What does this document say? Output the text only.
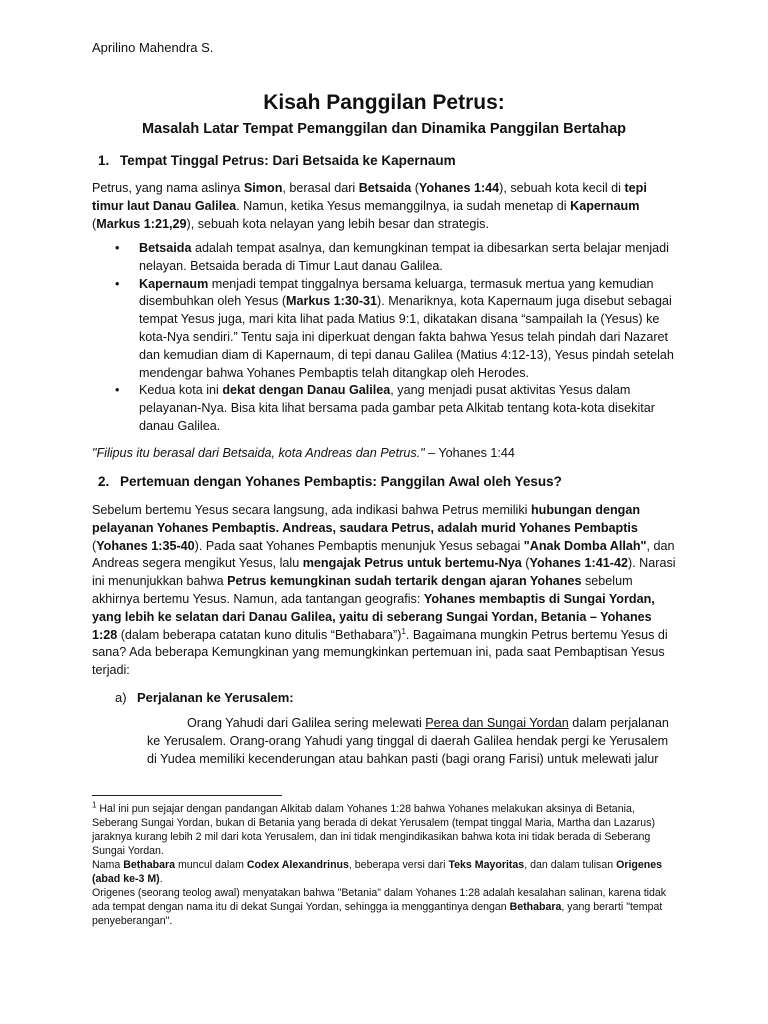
Aprilino Mahendra S.
Kisah Panggilan Petrus:
Masalah Latar Tempat Pemanggilan dan Dinamika Panggilan Bertahap
1. Tempat Tinggal Petrus: Dari Betsaida ke Kapernaum
Petrus, yang nama aslinya Simon, berasal dari Betsaida (Yohanes 1:44), sebuah kota kecil di tepi timur laut Danau Galilea. Namun, ketika Yesus memanggilnya, ia sudah menetap di Kapernaum (Markus 1:21,29), sebuah kota nelayan yang lebih besar dan strategis.
• Betsaida adalah tempat asalnya, dan kemungkinan tempat ia dibesarkan serta belajar menjadi nelayan. Betsaida berada di Timur Laut danau Galilea.
• Kapernaum menjadi tempat tinggalnya bersama keluarga, termasuk mertua yang kemudian disembuhkan oleh Yesus (Markus 1:30-31). Menariknya, kota Kapernaum juga disebut sebagai tempat Yesus juga, mari kita lihat pada Matius 9:1, dikatakan disana “sampailah Ia (Yesus) ke kota-Nya sendiri.” Tentu saja ini diperkuat dengan fakta bahwa Yesus telah pindah dari Nazaret dan kemudian diam di Kapernaum, di tepi danau Galilea (Matius 4:12-13), Yesus pindah setelah mendengar bahwa Yohanes Pembaptis telah ditangkap oleh Herodes.
• Kedua kota ini dekat dengan Danau Galilea, yang menjadi pusat aktivitas Yesus dalam pelayanan-Nya. Bisa kita lihat bersama pada gambar peta Alkitab tentang kota-kota disekitar danau Galilea.
"Filipus itu berasal dari Betsaida, kota Andreas dan Petrus." – Yohanes 1:44
2. Pertemuan dengan Yohanes Pembaptis: Panggilan Awal oleh Yesus?
Sebelum bertemu Yesus secara langsung, ada indikasi bahwa Petrus memiliki hubungan dengan pelayanan Yohanes Pembaptis. Andreas, saudara Petrus, adalah murid Yohanes Pembaptis (Yohanes 1:35-40). Pada saat Yohanes Pembaptis menunjuk Yesus sebagai "Anak Domba Allah", dan Andreas segera mengikut Yesus, lalu mengajak Petrus untuk bertemu-Nya (Yohanes 1:41-42). Narasi ini menunjukkan bahwa Petrus kemungkinan sudah tertarik dengan ajaran Yohanes sebelum akhirnya bertemu Yesus. Namun, ada tantangan geografis: Yohanes membaptis di Sungai Yordan, yang lebih ke selatan dari Danau Galilea, yaitu di seberang Sungai Yordan, Betania – Yohanes 1:28 (dalam beberapa catatan kuno ditulis “Bethabara”)$^1$. Bagaimana mungkin Petrus bertemu Yesus di sana? Ada beberapa Kemungkinan yang memungkinkan pertemuan ini, pada saat Pembaptisan Yesus terjadi:
a) Perjalanan ke Yerusalem:
Orang Yahudi dari Galilea sering melewati Perea dan Sungai Yordan dalam perjalanan ke Yerusalem. Orang-orang Yahudi yang tinggal di daerah Galilea hendak pergi ke Yerusalem di Yudea memiliki kecenderungan atau bahkan pasti (bagi orang Farisi) untuk melewati jalur

$^1$ Hal ini pun sejajar dengan pandangan Alkitab dalam Yohanes 1:28 bahwa Yohanes melakukan aksinya di Betania, Seberang Sungai Yordan, bukan di Betania yang berada di dekat Yerusalem (tempat tinggal Maria, Martha dan Lazarus) jaraknya kurang lebih 2 mil dari kota Yerusalem, dan ini tidak mengindikasikan bahwa kota ini tidak berada di Seberang Sungai Yordan.

Nama Bethabara muncul dalam Codex Alexandrinus, beberapa versi dari Teks Mayoritas, dan dalam tulisan Origenes (abad ke-3 M).

Origenes (seorang teolog awal) menyatakan bahwa "Betania" dalam Yohanes 1:28 adalah kesalahan salinan, karena tidak ada tempat dengan nama itu di dekat Sungai Yordan, sehingga ia menggantinya dengan Bethabara, yang berarti "tempat penyeberangan".
